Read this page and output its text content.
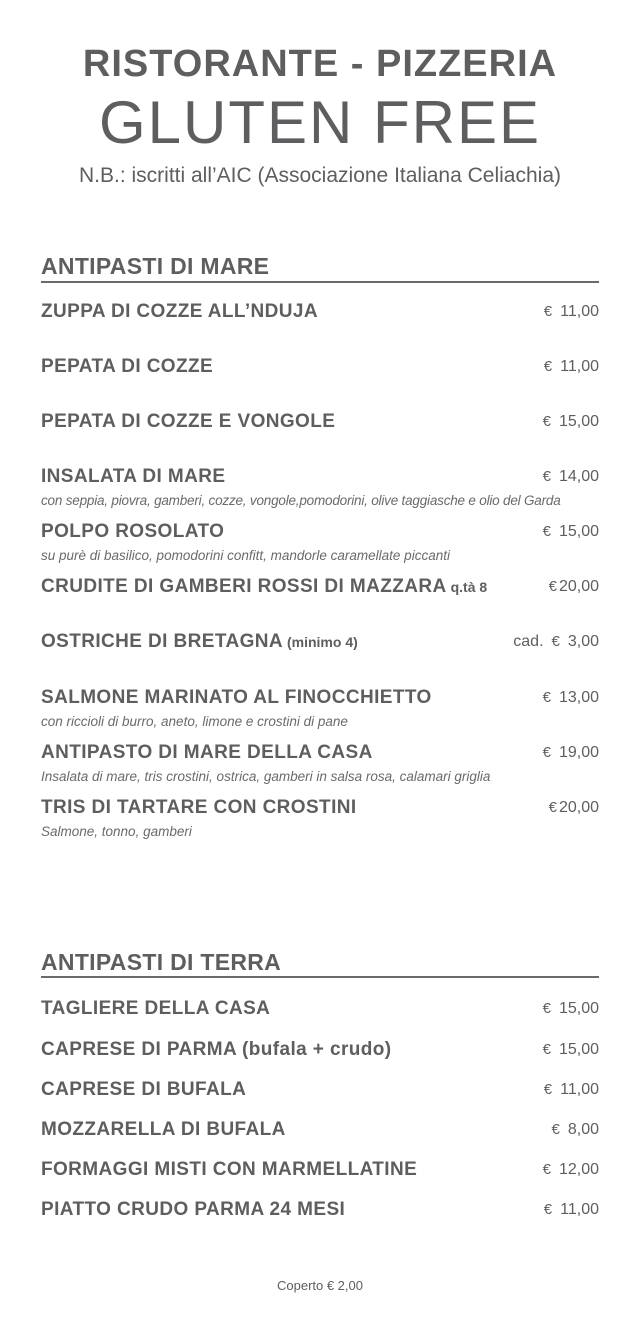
RISTORANTE - PIZZERIA
GLUTEN FREE
N.B.: iscritti all’AIC (Associazione Italiana Celiachia)
ANTIPASTI DI MARE
ZUPPA DI COZZE ALL’NDUJA	€ 11,00
PEPATA DI COZZE	€ 11,00
PEPATA DI COZZE E VONGOLE	€ 15,00
INSALATA DI MARE	€ 14,00
con seppia, piovra, gamberi, cozze, vongole,pomodorini, olive taggiasche e olio del Garda
POLPO ROSOLATO	€ 15,00
su purè di basilico, pomodorini confitt, mandorle caramellate piccanti
CRUDITE DI GAMBERI ROSSI DI MAZZARA q.tà 8	€ 20,00
OSTRICHE DI BRETAGNA (minimo 4)	cad. € 3,00
SALMONE MARINATO AL FINOCCHIETTO	€ 13,00
con riccioli di burro, aneto, limone e crostini di pane
ANTIPASTO DI MARE DELLA CASA	€ 19,00
Insalata di mare, tris crostini, ostrica, gamberi in salsa rosa, calamari griglia
TRIS DI TARTARE CON CROSTINI	€ 20,00
Salmone, tonno, gamberi
ANTIPASTI DI TERRA
TAGLIERE DELLA CASA	€ 15,00
CAPRESE DI PARMA (bufala + crudo)	€ 15,00
CAPRESE DI BUFALA	€ 11,00
MOZZARELLA DI BUFALA	€ 8,00
FORMAGGI MISTI CON MARMELLATINE	€ 12,00
PIATTO CRUDO PARMA 24 MESI	€ 11,00
Coperto € 2,00
